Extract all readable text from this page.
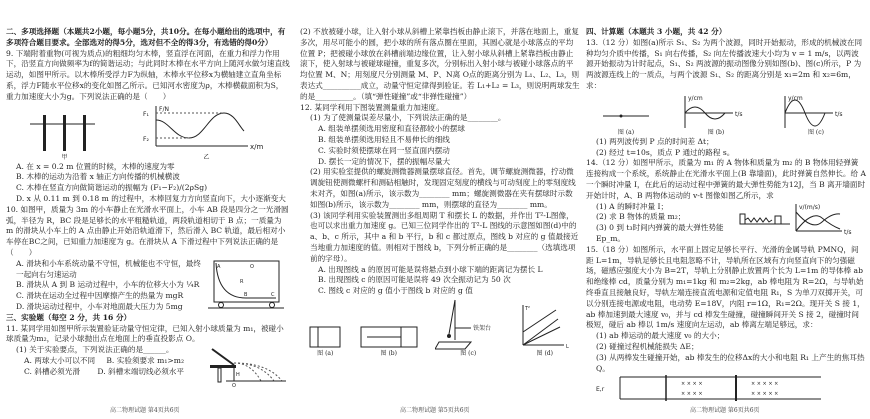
二、多项选择题（本题共2小题，每小题5分，共10分。在每小题给出的选项中，有多项符合题目要求。全部选对的得5分，选对但不全的得3分，有选错的得0分）
9. 下端附着重物(可视为质点)的粗细均匀木棒，竖直浮在河面，在重力和浮力作用下，沿竖直方向做频率为f的简谐运动；与此同时木棒在水平方向上随河水做匀速直线运动，如图甲所示。以木棒所受浮力F为纵轴，木棒水平位移x为横轴建立直角坐标系，浮力F随水平位移x的变化如图乙所示。已知河水密度为ρ，木棒横截面积为S，重力加速度大小为g。下列说法正确的是（　　）
甲
F/N
F₁
F₂
x/m
乙
A. 在 x = 0.2 m 位置的时候，木棒的速度为零
B. 木棒的运动为沿着 x 轴正方向传播的机械横波
C. 木棒在竖直方向做简谐运动的振幅为 (F₁−F₂)/(2ρSg)
D. x 从 0.11 m 到 0.18 m 的过程中，木棒回复力方向竖直向下，大小逐渐变大
10. 如图甲，质量为 3m 的小车静止在光滑水平面上，小车 AB 段是四分之一光滑圆弧，半径为 R，BC 段是足够长的水平粗糙轨道，两段轨道相切于 B 点；一质量为 m 的滑块从小车上的 A 点由静止开始沿轨道滑下，然后滑入 BC 轨道，最后相对小车停在BC之间，已知重力加速度为 g。在滑块从 A 下滑过程中下列说法正确的是（　　）
A. 滑块和小车系统动量不守恒，机械能也不守恒，最终一起向右匀速运动
B. 滑块从 A 到 B 运动过程中，小车的位移大小为 ¼R
C. 滑块在运动全过程中因摩擦产生的热量为 mgR
D. 滑块运动过程中，小车对地面最大压力为 5mg
A	O
R
B	C
三、实验题（每空 2 分，共 16 分）
11. 某同学用如图甲所示装置验证动量守恒定律，已知入射小球质量为 m₁，被碰小球质量为m₂，记录小球抛出点在地面上的垂直投影点 O。
(1) 关于实验要点，下列说法正确的是______。
A. 两球大小可以不同 B. 实验须要求 m₁>m₂
C. 斜槽必须光滑 D. 斜槽末端切线必须水平	H
O
高二物理试题 第4页共6页
(2) 不放被碰小球，让入射小球从斜槽上紧靠挡板由静止滚下，并落在地面上，重复多次，用尽可能小的圆，把小球的所有落点圈在里面，其圆心就是小球落点的平均位置 P；把被碰小球放在斜槽前端边缘位置，让入射小球从斜槽上紧靠挡板由静止滚下，使入射球与被碰球碰撞，重复多次，分别标出入射小球与被碰小球落点的平均位置 M、N；用刻度尺分别测量 M、P、N离 O点的距离分别为 L₁、L₂、L₃，则表达式__________成立，动量守恒定律得到验证。若 L₁+L₂ = L₃，则说明两球发生的是__________。（填“弹性碰撞”或“非弹性碰撞”）
12. 某同学利用下图装置测量重力加速度。
(1) 为了使测量误差尽量小，下列说法正确的是________。
A. 组装单摆须选用密度和直径都较小的摆球
B. 组装单摆须选用轻且不易伸长的细线
C. 实验时须使摆球在同一竖直面内摆动
D. 摆长一定的情况下，摆的振幅尽量大
(2) 用实验室提供的螺旋测微器测量摆球直径。首先，调节螺旋测微器，拧动微调旋钮使测微螺杆和测砧相触时，发现固定刻度的横线与可动刻度上的零刻度线未对齐，如图(a)所示，该示数为________ mm；螺旋测微器在夹有摆球时示数如图(b)所示，该示数为________ mm，则摆球的直径为________ mm。
(3) 该同学利用实验装置测出多组周期 T 和摆长 L 的数据，并作出 T²-L图像，也可以求出重力加速度 g。已知三位同学作出的 T²-L 图线的示意图如图(d)中的 a、b、c 所示，其中 a 和 b 平行，b 和 c 都过原点，图线 b 对应的 g 值最接近当地重力加速度的值。则相对于图线 b，下列分析正确的是________（选填选项前的字母）。
A. 出现图线 a 的原因可能是误将悬点到小球下端的距离记为摆长 L
B. 出现图线 c 的原因可能是误将 49 次全振动记为 50 次
C. 图线 c 对应的 g 值小于图线 b 对应的 g 值
图 (a)	图 (b)
铁架台
图 (c)
T²
L
图 (d)
高二物理试题 第5页共6页
四、计算题（本题共 3 小题，共 42 分）
13.（12 分）如图(a)所示 S₁、S₂ 为两个波源，同时开始振动，形成的机械波在同种均匀介质中传播，S₁ 向右传播，S₂ 向左传播波速大小均为 v = 1 m/s，以两波源开始振动为计时起点，S₁、S₂ 两波源的振动图像分别如图(b)、图(c)所示，P 为两波源连线上的一质点，与两个波源 S₁、S₂ 的距离分别是 x₁=2m 和 x₂=6m，求：
图 (a)
y/cm
t/s
图 (b)
y/cm
t/s
图 (c)
(1) 两列波传到 P 点的时间差 Δt；
(2) 经过 t=10s，质点 P 通过的路程 s。
14.（12 分）如图甲所示，质量为 m₁ 的 A 物体和质量为 m₂ 的 B 物体用轻弹簧连接构成一个系统，系统静止在光滑水平面上(B 靠墙面)，此时弹簧自然伸长。给 A 一个瞬时冲量 I，在此后的运动过程中弹簧的最大弹性势能为12J，当 B 离开墙面时开始计时，A、B 两物体运动的 v-t 图像如图乙所示，求
(1) A 的瞬时冲量 I；
(2) 求 B 物体的质量 m₂；
(3) 0 到 t₃时间内弹簧的最大弹性势能Ep_m。
v/(m/s)
t/s
15.（18 分）如图所示，水平面上固定足够长平行、光滑的金属导轨 PMNQ，间距 L=1m，导轨足够长且电阻忽略不计，导轨所在区域有方向竖直向下的匀强磁场，磁感应强度大小为 B=2T，导轨上分别静止放置两个长为 L=1m 的导体棒 ab 和绝缘棒 cd，质量分别为 m₁=1kg 和 m₂=2kg，ab 棒电阻为 R=2Ω，与导轨始终垂直且接触良好，导轨左端连接直流电源和定值电阻 R₁，S 为单刀双掷开关，可以分别连接电源或电阻，电动势 E=18V，内阻 r=1Ω，R₁=2Ω。现开关 S 接 1，ab 棒加速到最大速度 v₀，并与 cd 棒发生碰撞，碰撞瞬间开关 S 接 2，碰撞时间极短，碰后 ab 棒以 1m/s 速度向左运动，ab 棒离左端足够远，求：
(1) ab 棒运动的最大速度 v₀ 的大小；
(2) 碰撞过程机械能损失 ΔE；
(3) 从两棒发生碰撞开始，ab 棒发生的位移Δx的大小和电阻 R₁ 上产生的焦耳热Q。
E,r
× × × ×
× × × ×
× × × × ×
× × × × ×
高二物理试题 第6页共6页
